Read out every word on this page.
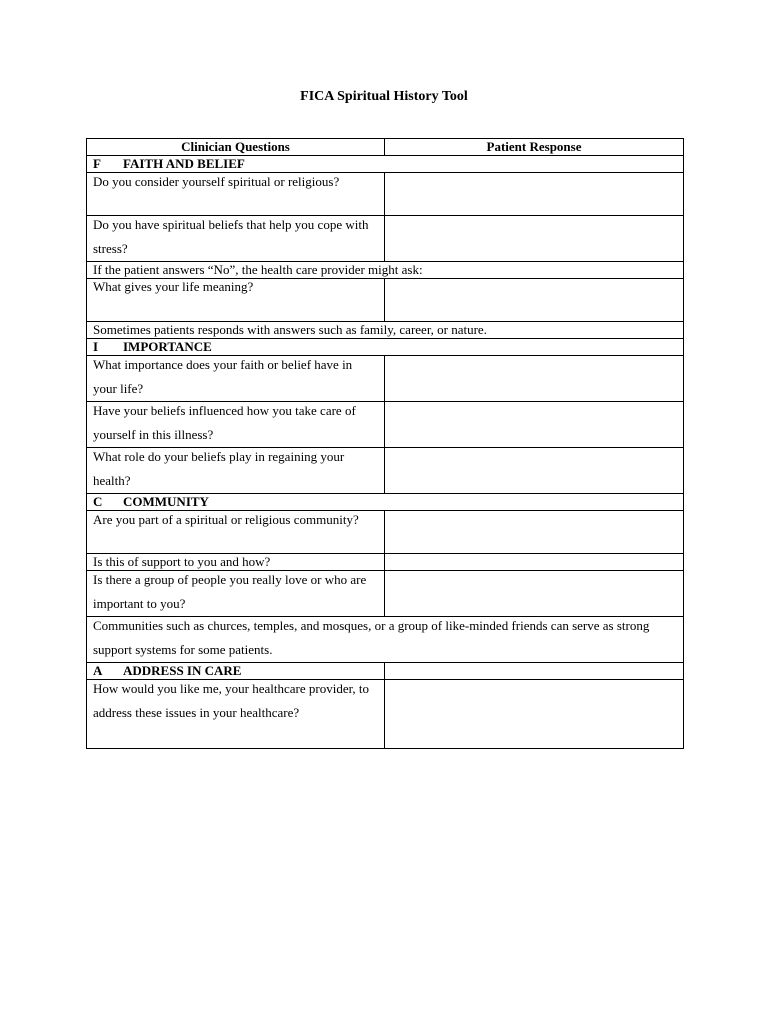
FICA Spiritual History Tool
Clinician Questions	Patient Response
F FAITH AND BELIEF	

Do you consider yourself spiritual or religious?	

Do you have spiritual beliefs that help you cope with stress?	

If the patient answers “No”, the health care provider might ask:	
What gives your life meaning?	
Sometimes patients responds with answers such as family, career, or nature.	
I IMPORTANCE	

What importance does your faith or belief have in your life?	

Have your beliefs influenced how you take care of yourself in this illness?	

What role do your beliefs play in regaining your health?	

C COMMUNITY	

Are you part of a spiritual or religious community?	

Is this of support to you and how?	

Is there a group of people you really love or who are important to you?	

Communities such as churces, temples, and mosques, or a group of like-minded friends can serve as strong support systems for some patients.	

A ADDRESS IN CARE	

How would you like me, your healthcare provider, to address these issues in your healthcare?	
